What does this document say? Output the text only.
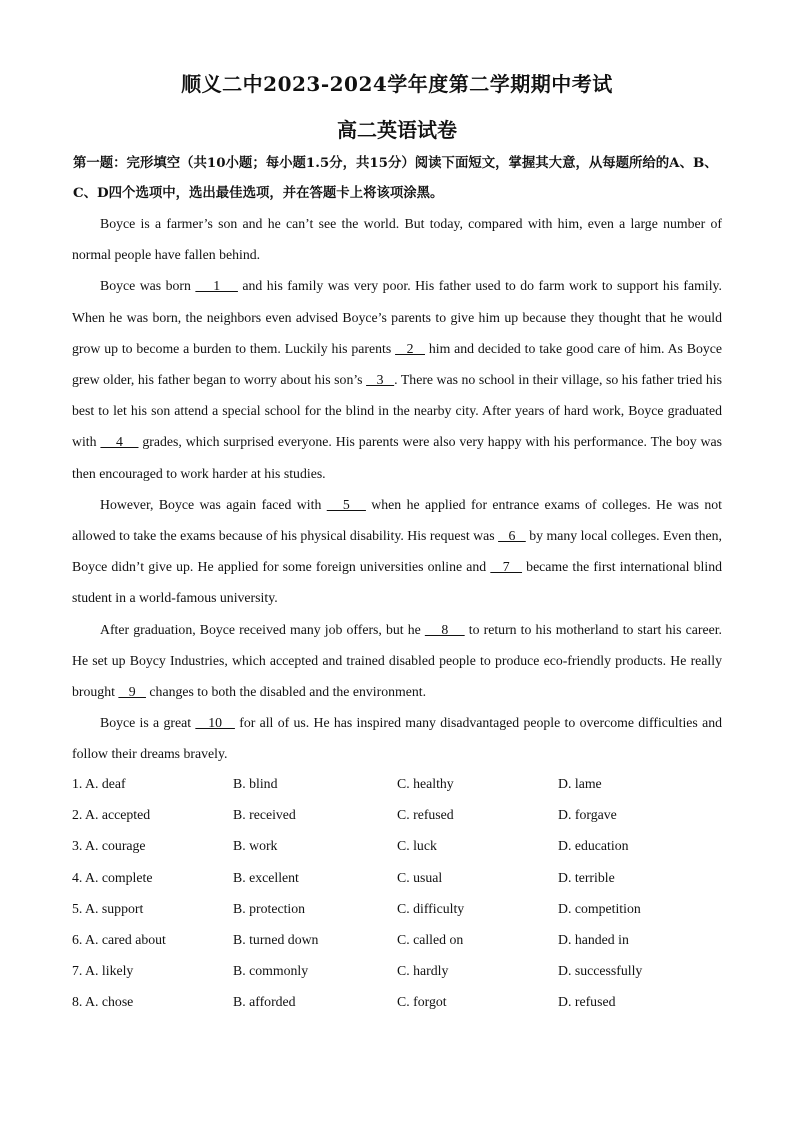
顺义二中2023-2024学年度第二学期期中考试
高二英语试卷
第一题：完形填空（共10小题；每小题1.5分，共15分）阅读下面短文，掌握其大意，从每题所给的A、B、C、D四个选项中，选出最佳选项，并在答题卡上将该项涂黑。

Boyce is a farmer’s son and he can’t see the world. But today, compared with him, even a large number of normal people have fallen behind.

Boyce was born     1     and his family was very poor. His father used to do farm work to support his family. When he was born, the neighbors even advised Boyce’s parents to give him up because they thought that he would grow up to become a burden to them. Luckily his parents    2    him and decided to take good care of him. As Boyce grew older, his father began to worry about his son’s    3   . There was no school in their village, so his father tried his best to let his son attend a special school for the blind in the nearby city. After years of hard work, Boyce graduated with     4     grades, which surprised everyone. His parents were also very happy with his performance. The boy was then encouraged to work harder at his studies.

However, Boyce was again faced with    5    when he applied for entrance exams of colleges. He was not allowed to take the exams because of his physical disability. His request was    6    by many local colleges. Even then, Boyce didn’t give up. He applied for some foreign universities online and    7    became the first international blind student in a world-famous university.

After graduation, Boyce received many job offers, but he     8     to return to his motherland to start his career. He set up Boycy Industries, which accepted and trained disabled people to produce eco-friendly products. He really brought    9    changes to both the disabled and the environment.

Boyce is a great    10    for all of us. He has inspired many disadvantaged people to overcome difficulties and follow their dreams bravely.

1. A. deaf	B. blind	C. healthy	D. lame
2. A. accepted	B. received	C. refused	D. forgave
3. A. courage	B. work	C. luck	D. education
4. A. complete	B. excellent	C. usual	D. terrible
5. A. support	B. protection	C. difficulty	D. competition
6. A. cared about	B. turned down	C. called on	D. handed in
7. A. likely	B. commonly	C. hardly	D. successfully
8. A. chose	B. afforded	C. forgot	D. refused
